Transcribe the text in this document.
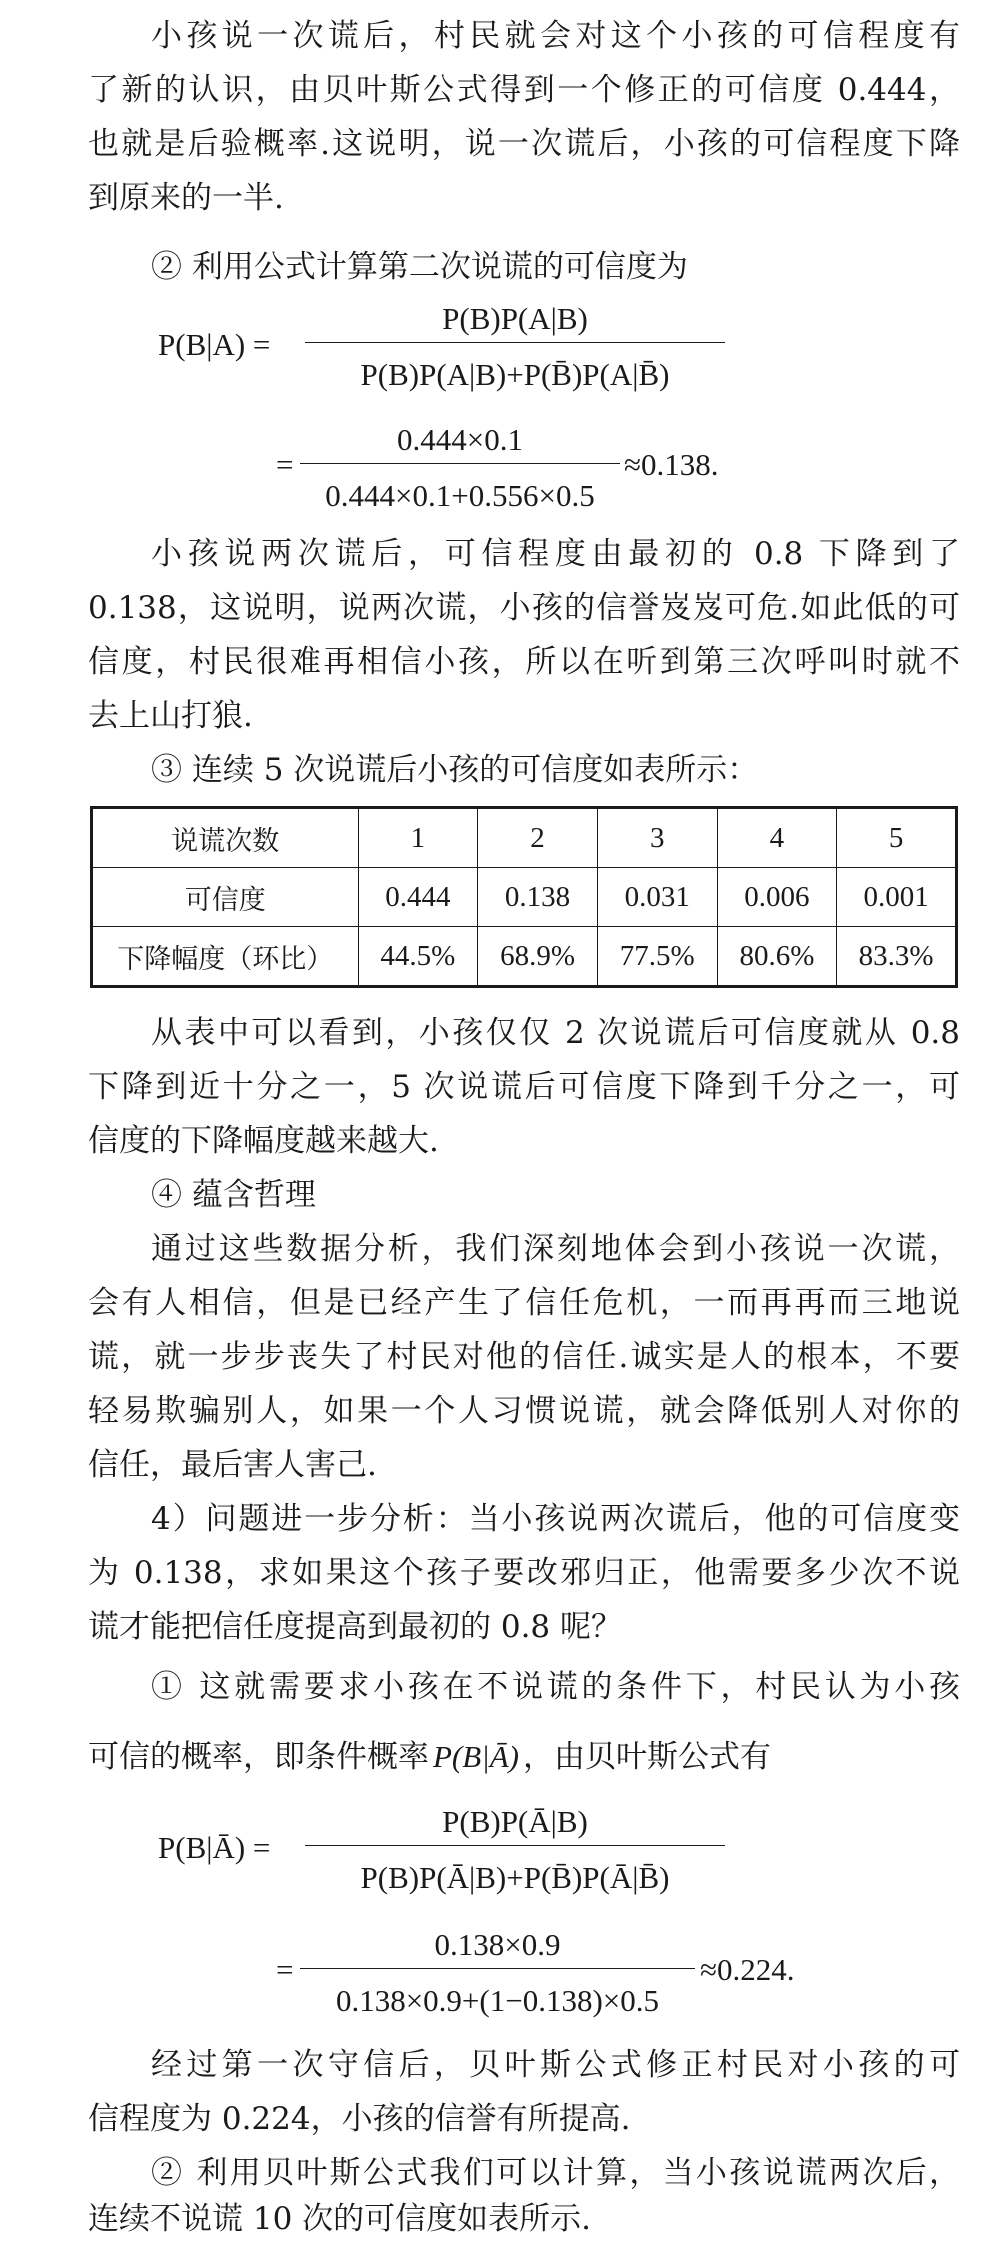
小孩说一次谎后，村民就会对这个小孩的可信程度有
了新的认识，由贝叶斯公式得到一个修正的可信度 0.444，
也就是后验概率.这说明，说一次谎后，小孩的可信程度下降
到原来的一半.
② 利用公式计算第二次说谎的可信度为
P(B|A) =
P(B)P(A|B)
P(B)P(A|B)+P(B̄)P(A|B̄)
=
0.444×0.1
0.444×0.1+0.556×0.5
≈0.138.
小孩说两次谎后，可信程度由最初的 0.8 下降到了
0.138，这说明，说两次谎，小孩的信誉岌岌可危.如此低的可
信度，村民很难再相信小孩，所以在听到第三次呼叫时就不
去上山打狼.
③ 连续 5 次说谎后小孩的可信度如表所示：
说谎次数	1	2	3	4	5
可信度	0.444	0.138	0.031	0.006	0.001
下降幅度（环比）	44.5%	68.9%	77.5%	80.6%	83.3%
从表中可以看到，小孩仅仅 2 次说谎后可信度就从 0.8
下降到近十分之一，5 次说谎后可信度下降到千分之一，可
信度的下降幅度越来越大.
④ 蕴含哲理
通过这些数据分析，我们深刻地体会到小孩说一次谎，
会有人相信，但是已经产生了信任危机，一而再再而三地说
谎，就一步步丧失了村民对他的信任.诚实是人的根本，不要
轻易欺骗别人，如果一个人习惯说谎，就会降低别人对你的
信任，最后害人害己.
4）问题进一步分析：当小孩说两次谎后，他的可信度变
为 0.138，求如果这个孩子要改邪归正，他需要多少次不说
谎才能把信任度提高到最初的 0.8 呢？
① 这就需要求小孩在不说谎的条件下，村民认为小孩
可信的概率，即条件概率 P(B|Ā) ，由贝叶斯公式有
P(B|Ā) =
P(B)P(Ā|B)
P(B)P(Ā|B)+P(B̄)P(Ā|B̄)
=
0.138×0.9
0.138×0.9+(1−0.138)×0.5
≈0.224.
经过第一次守信后，贝叶斯公式修正村民对小孩的可
信程度为 0.224，小孩的信誉有所提高.
② 利用贝叶斯公式我们可以计算，当小孩说谎两次后，
连续不说谎 10 次的可信度如表所示.
